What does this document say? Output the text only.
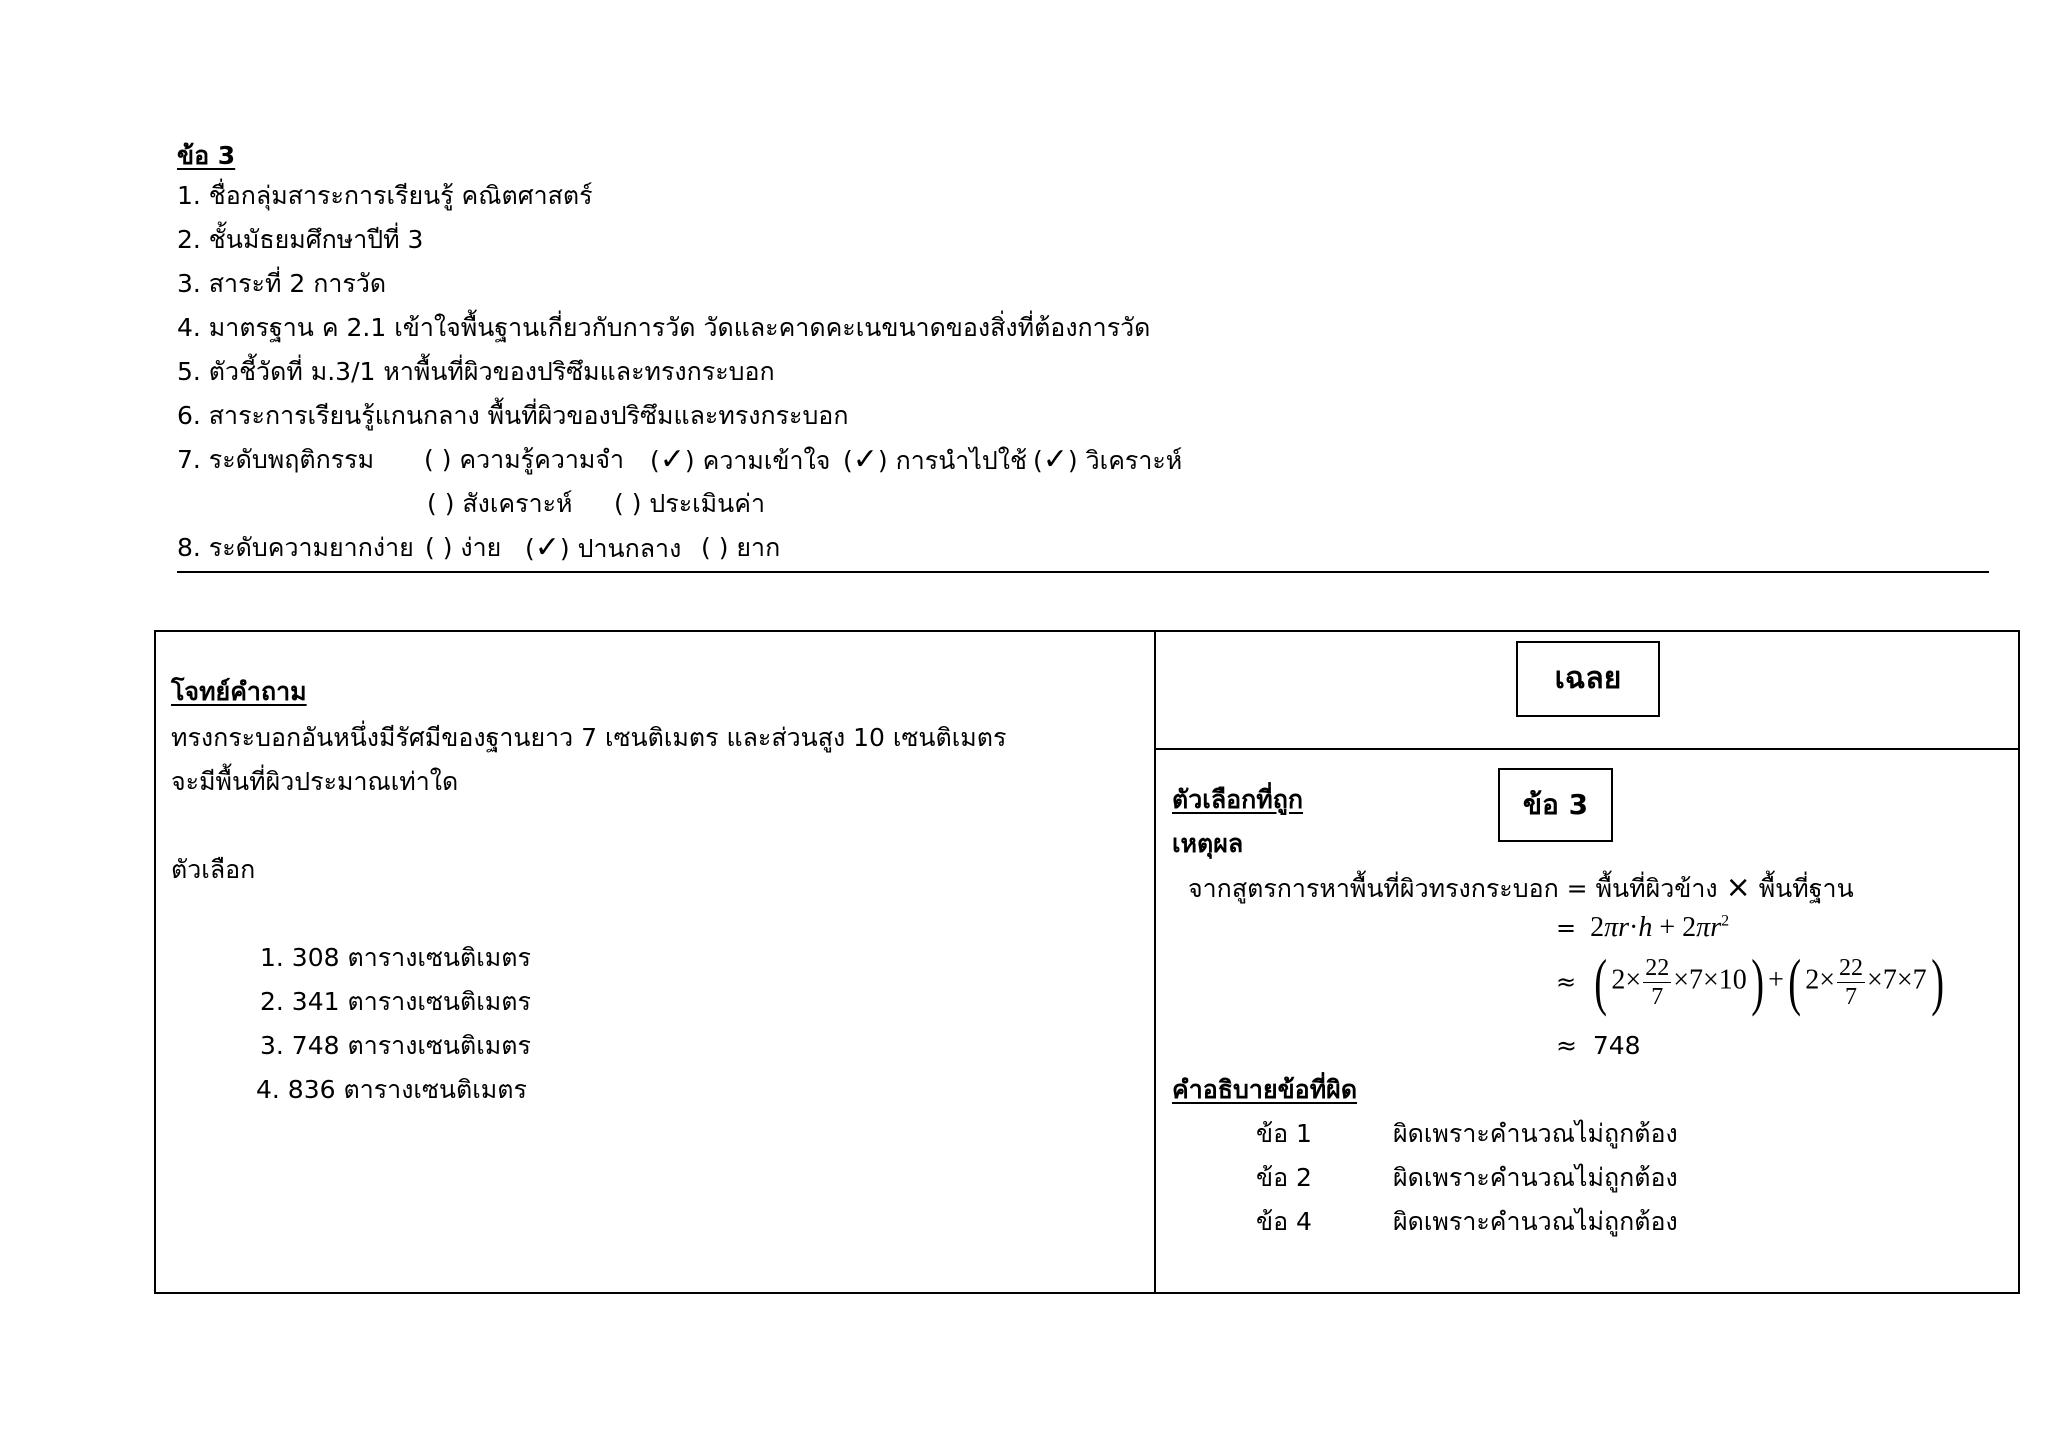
ข้อ 3
1. ชื่อกลุ่มสาระการเรียนรู้ คณิตศาสตร์
2. ชั้นมัธยมศึกษาปีที่ 3
3. สาระที่ 2 การวัด
4. มาตรฐาน ค 2.1 เข้าใจพื้นฐานเกี่ยวกับการวัด วัดและคาดคะเนขนาดของสิ่งที่ต้องการวัด
5. ตัวชี้วัดที่ ม.3/1 หาพื้นที่ผิวของปริซึมและทรงกระบอก
6. สาระการเรียนรู้แกนกลาง พื้นที่ผิวของปริซึมและทรงกระบอก
7. ระดับพฤติกรรม ( ) ความรู้ความจำ (✓) ความเข้าใจ (✓) การนำไปใช้ (✓) วิเคราะห์
( ) สังเคราะห์ ( ) ประเมินค่า
8. ระดับความยากง่าย ( ) ง่าย (✓) ปานกลาง ( ) ยาก
โจทย์คำถาม
ทรงกระบอกอันหนึ่งมีรัศมีของฐานยาว 7 เซนติเมตร และส่วนสูง 10 เซนติเมตร
จะมีพื้นที่ผิวประมาณเท่าใด
ตัวเลือก
1. 308 ตารางเซนติเมตร
2. 341 ตารางเซนติเมตร
3. 748 ตารางเซนติเมตร
4. 836 ตารางเซนติเมตร
เฉลย
ตัวเลือกที่ถูก	ข้อ 3
เหตุผล
จากสูตรการหาพื้นที่ผิวทรงกระบอก = พื้นที่ผิวข้าง × พื้นที่ฐาน
=  $2\pi r\cdot h + 2\pi r^2$
≈ ( $2\times \frac{22}{7} \times 7\times 10$) +( $2\times \frac{22}{7} \times 7\times 7$)
≈ 748
คำอธิบายข้อที่ผิด
ข้อ 1	ผิดเพราะคำนวณไม่ถูกต้อง
ข้อ 2	ผิดเพราะคำนวณไม่ถูกต้อง
ข้อ 4	ผิดเพราะคำนวณไม่ถูกต้อง
